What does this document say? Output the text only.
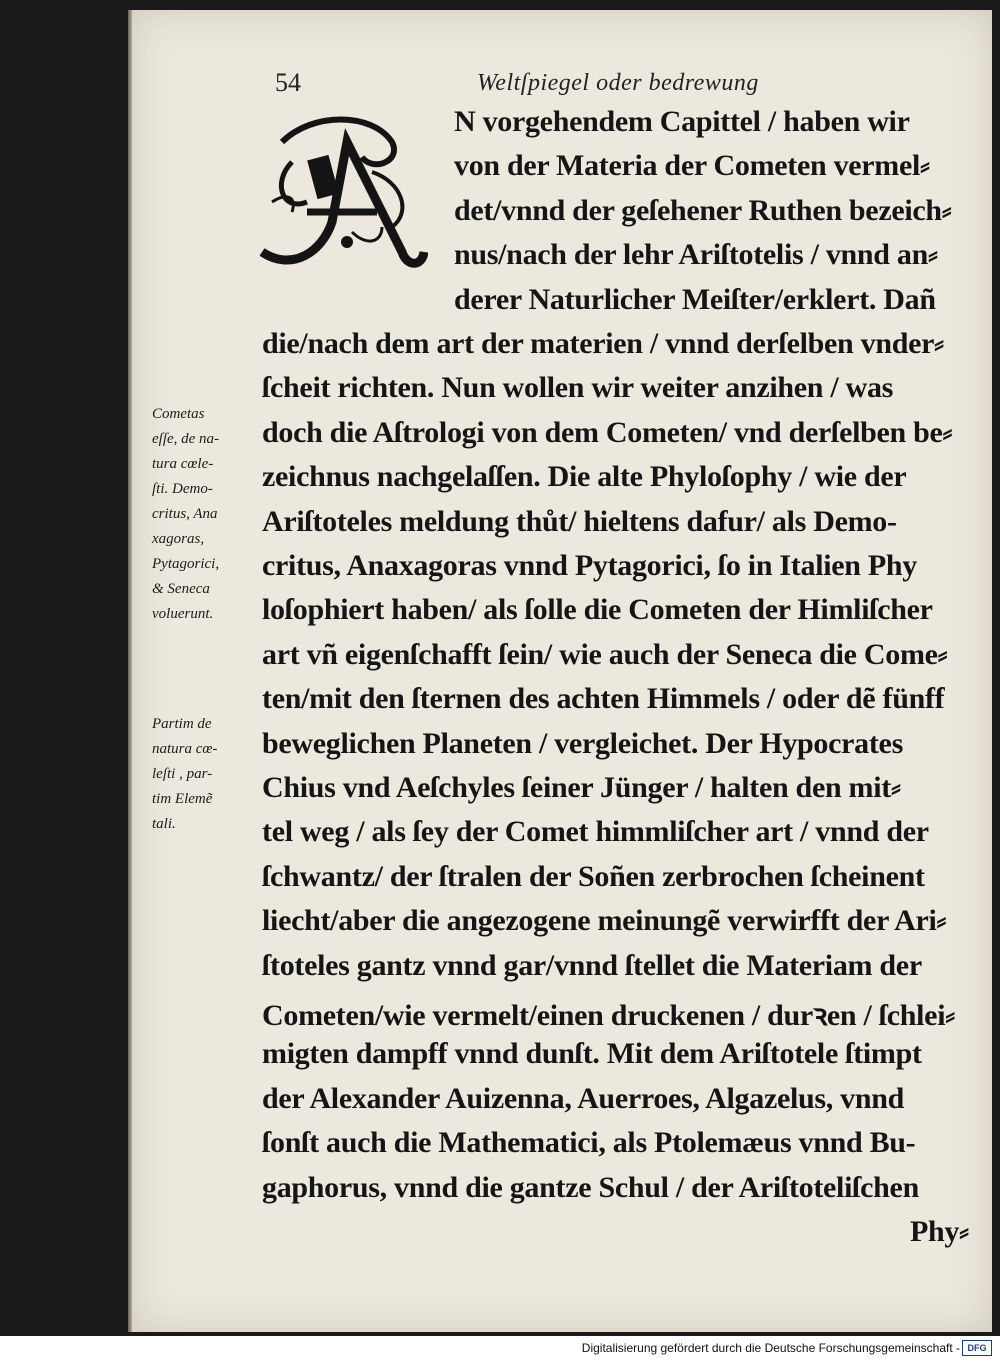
54	Weltſpiegel oder bedrewung
N vorgehendem Capittel / haben wir
von der Materia der Cometen vermel⸗
det/vnnd der geſehener Ruthen bezeich⸗
nus/nach der lehr Ariſtotelis / vnnd an⸗
derer Naturlicher Meiſter/erklert. Dañ
die/nach dem art der materien / vnnd derſelben vnder⸗
ſcheit richten. Nun wollen wir weiter anzihen / was
doch die Aſtrologi von dem Cometen/ vnd derſelben be⸗
zeichnus nachgelaſſen. Die alte Phyloſophy / wie der
Ariſtoteles meldung thůt/ hieltens dafur/ als Demo-
critus, Anaxagoras vnnd Pytagorici, ſo in Italien Phy
loſophiert haben/ als ſolle die Cometen der Himliſcher
art vñ eigenſchafft ſein/ wie auch der Seneca die Come⸗
ten/mit den ſternen des achten Himmels / oder dẽ fünff
beweglichen Planeten / vergleichet. Der Hypocrates
Chius vnd Aeſchyles ſeiner Jünger / halten den mit⸗
tel weg / als ſey der Comet himmliſcher art / vnnd der
ſchwantz/ der ſtralen der Soñen zerbrochen ſcheinent
liecht/aber die angezogene meinungẽ verwirfft der Ari⸗
ſtoteles gantz vnnd gar/vnnd ſtellet die Materiam der
Cometen/wie vermelt/einen druckenen / durꝛen / ſchlei⸗
migten dampff vnnd dunſt. Mit dem Ariſtotele ſtimpt
der Alexander Auizenna, Auerroes, Algazelus, vnnd
ſonſt auch die Mathematici, als Ptolemæus vnnd Bu-
gaphorus, vnnd die gantze Schul / der Ariſtoteliſchen
Phy⸗
Cometas
eſſe, de na-
tura cœle-
ſti. Demo-
critus, Ana
xagoras,
Pytagorici,
& Seneca
voluerunt.
Partim de
natura cœ-
leſti , par-
tim Elemẽ
tali.
Digitalisierung gefördert durch die Deutsche Forschungsgemeinschaft - DFG
